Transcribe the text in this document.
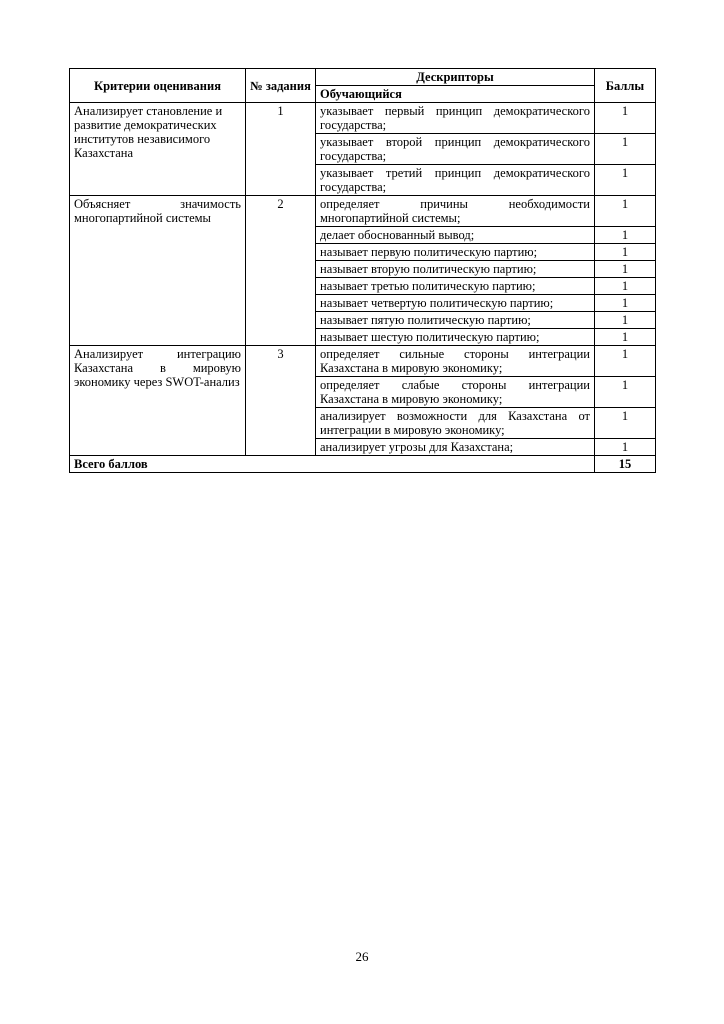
Критерии оценивания	№ задания	Дескрипторы	Баллы
		Обучающийся	
Анализирует становление и развитие демократических институтов независимого Казахстана	1	указывает первый принцип демократического государства;	1
		указывает второй принцип демократического государства;	1
		указывает третий принцип демократического государства;	1
Объясняет значимость многопартийной системы	2	определяет причины необходимости многопартийной системы;	1
		делает обоснованный вывод;	1
		называет первую политическую партию;	1
		называет вторую политическую партию;	1
		называет третью политическую партию;	1
		называет четвертую политическую партию;	1
		называет пятую политическую партию;	1
		называет шестую политическую партию;	1
Анализирует интеграцию Казахстана в мировую экономику через SWOT-анализ	3	определяет сильные стороны интеграции Казахстана в мировую экономику;	1
		определяет слабые стороны интеграции Казахстана в мировую экономику;	1
		анализирует возможности для Казахстана от интеграции в мировую экономику;	1
		анализирует угрозы для Казахстана;	1
Всего баллов			15
26
